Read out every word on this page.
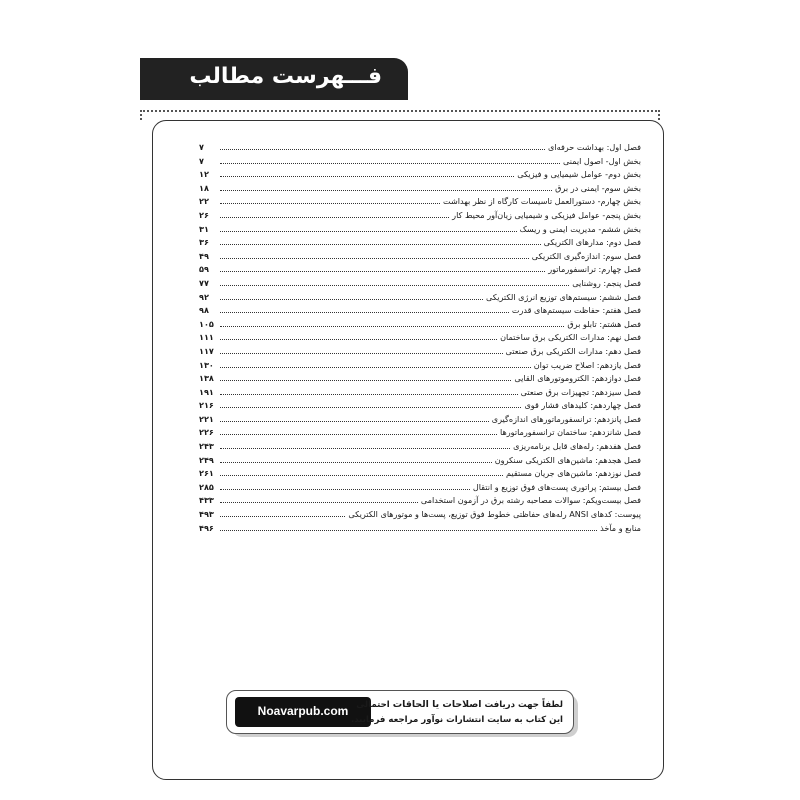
فـــهرست مطالب
فصل اول: بهداشت حرفه‌ای
۷
بخش اول- اصول ایمنی
۷
بخش دوم- عوامل شیمیایی و فیزیکی
۱۲
بخش سوم- ایمنی در برق
۱۸
بخش چهارم- دستورالعمل تاسیسات کارگاه از نظر بهداشت
۲۲
بخش پنجم- عوامل فیزیکی و شیمیایی زیان‌آور محیط کار
۲۶
بخش ششم- مدیریت ایمنی و ریسک
۳۱
فصل دوم: مدارهای الکتریکی
۳۶
فصل سوم: اندازه‌گیری الکتریکی
۴۹
فصل چهارم: ترانسفورماتور
۵۹
فصل پنجم: روشنایی
۷۷
فصل ششم: سیستم‌های توزیع انرژی الکتریکی
۹۲
فصل هفتم: حفاظت سیستم‌های قدرت
۹۸
فصل هشتم: تابلو برق
۱۰۵
فصل نهم: مدارات الکتریکی برق ساختمان
۱۱۱
فصل دهم: مدارات الکتریکی برق صنعتی
۱۱۷
فصل یازدهم: اصلاح ضریب توان
۱۳۰
فصل دوازدهم: الکتروموتورهای القایی
۱۳۸
فصل سیزدهم: تجهیزات برق صنعتی
۱۹۱
فصل چهاردهم: کلیدهای فشار قوی
۲۱۶
فصل پانزدهم: ترانسفورماتورهای اندازه‌گیری
۲۲۱
فصل شانزدهم: ساختمان ترانسفورماتورها
۲۲۶
فصل هفدهم: رله‌های قابل برنامه‌ریزی
۲۴۳
فصل هجدهم: ماشین‌های الکتریکی سنکرون
۲۴۹
فصل نوزدهم: ماشین‌های جریان مستقیم
۲۶۱
فصل بیستم: پراتوری پست‌های فوق توزیع و انتقال
۲۸۵
فصل بیست‌ویکم: سوالات مصاحبه رشته برق در آزمون استخدامی
۴۳۳
پیوست: کدهای ANSI رله‌های حفاظتی خطوط فوق توزیع، پست‌ها و موتورهای الکتریکی
۴۹۳
منابع و مآخذ
۴۹۶
Noavarpub.com	لطفاً جهت دریافت اصلاحات یا الحاقات احتمالی
این کتاب به سایت انتشارات نوآور مراجعه فرمایید.
